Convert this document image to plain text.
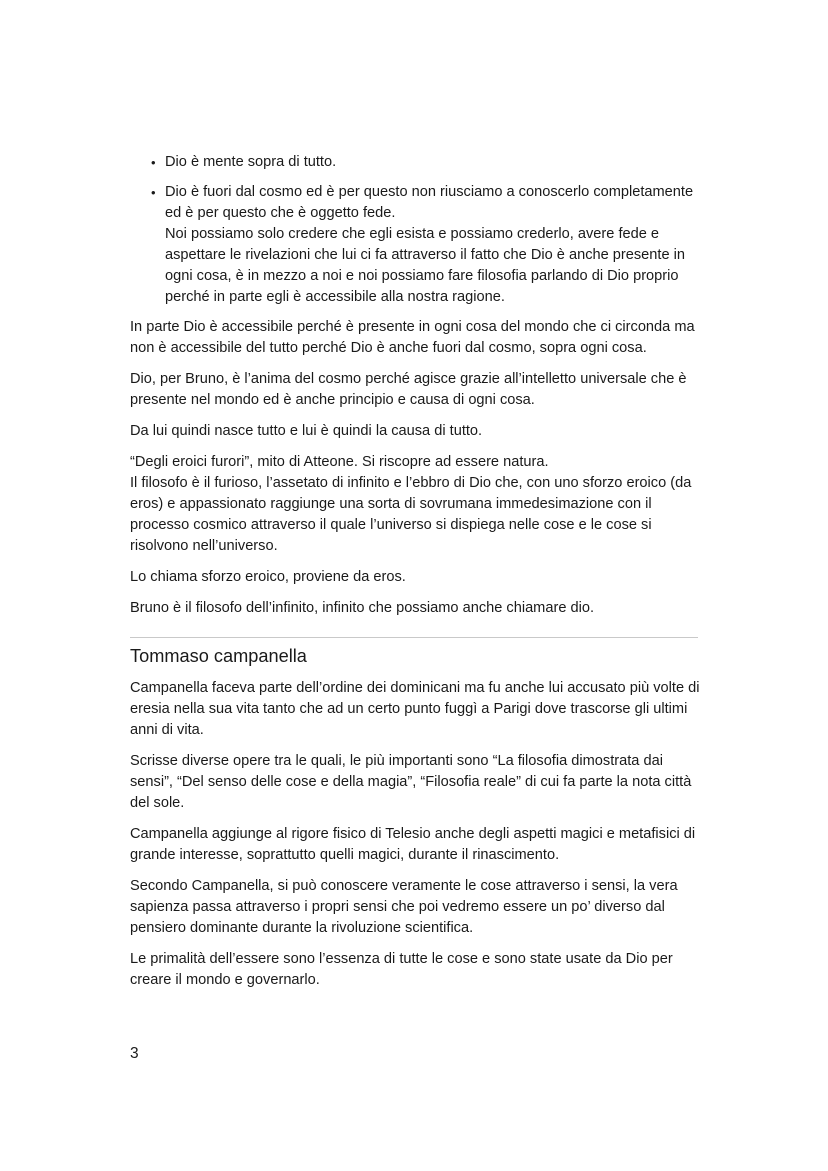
• Dio è mente sopra di tutto.

• Dio è fuori dal cosmo ed è per questo non riusciamo a conoscerlo completamente ed è per questo che è oggetto fede.

Noi possiamo solo credere che egli esista e possiamo crederlo, avere fede e aspettare le rivelazioni che lui ci fa attraverso il fatto che Dio è anche presente in ogni cosa, è in mezzo a noi e noi possiamo fare filosofia parlando di Dio proprio perché in parte egli è accessibile alla nostra ragione.

In parte Dio è accessibile perché è presente in ogni cosa del mondo che ci circonda ma non è accessibile del tutto perché Dio è anche fuori dal cosmo, sopra ogni cosa.

Dio, per Bruno, è l’anima del cosmo perché agisce grazie all’intelletto universale che è presente nel mondo ed è anche principio e causa di ogni cosa.

Da lui quindi nasce tutto e lui è quindi la causa di tutto.

“Degli eroici furori”, mito di Atteone. Si riscopre ad essere natura.
Il filosofo è il furioso, l’assetato di infinito e l’ebbro di Dio che, con uno sforzo eroico (da eros) e appassionato raggiunge una sorta di sovrumana immedesimazione con il processo cosmico attraverso il quale l’universo si dispiega nelle cose e le cose si risolvono nell’universo.

Lo chiama sforzo eroico, proviene da eros.

Bruno è il filosofo dell’infinito, infinito che possiamo anche chiamare dio.

Tommaso campanella

Campanella faceva parte dell’ordine dei dominicani ma fu anche lui accusato più volte di eresia nella sua vita tanto che ad un certo punto fuggì a Parigi dove trascorse gli ultimi anni di vita.

Scrisse diverse opere tra le quali, le più importanti sono “La filosofia dimostrata dai sensi”, “Del senso delle cose e della magia”, “Filosofia reale” di cui fa parte la nota città del sole.

Campanella aggiunge al rigore fisico di Telesio anche degli aspetti magici e metafisici di grande interesse, soprattutto quelli magici, durante il rinascimento.

Secondo Campanella, si può conoscere veramente le cose attraverso i sensi, la vera sapienza passa attraverso i propri sensi che poi vedremo essere un po’ diverso dal pensiero dominante durante la rivoluzione scientifica.

Le primalità dell’essere sono l’essenza di tutte le cose e sono state usate da Dio per creare il mondo e governarlo.

3
